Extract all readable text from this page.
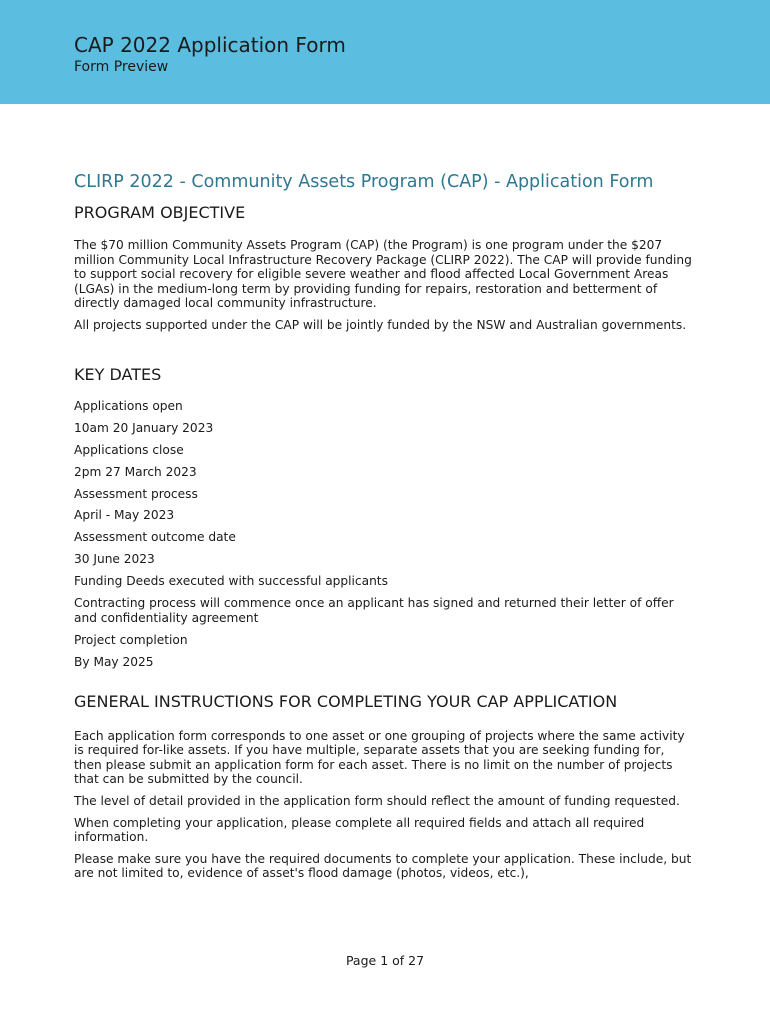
CAP 2022 Application Form
Form Preview
CLIRP 2022 - Community Assets Program (CAP) - Application Form
PROGRAM OBJECTIVE

The $70 million Community Assets Program (CAP) (the Program) is one program under the $207 million Community Local Infrastructure Recovery Package (CLIRP 2022). The CAP will provide funding to support social recovery for eligible severe weather and flood affected Local Government Areas (LGAs) in the medium-long term by providing funding for repairs, restoration and betterment of directly damaged local community infrastructure.

All projects supported under the CAP will be jointly funded by the NSW and Australian governments.

KEY DATES
Applications open
10am 20 January 2023
Applications close
2pm 27 March 2023
Assessment process
April - May 2023
Assessment outcome date
30 June 2023
Funding Deeds executed with successful applicants
Contracting process will commence once an applicant has signed and returned their letter of offer and confidentiality agreement
Project completion
By May 2025
GENERAL INSTRUCTIONS FOR COMPLETING YOUR CAP APPLICATION

Each application form corresponds to one asset or one grouping of projects where the same activity is required for-like assets. If you have multiple, separate assets that you are seeking funding for, then please submit an application form for each asset. There is no limit on the number of projects that can be submitted by the council.

The level of detail provided in the application form should reflect the amount of funding requested.

When completing your application, please complete all required fields and attach all required information.

Please make sure you have the required documents to complete your application. These include, but are not limited to, evidence of asset's flood damage (photos, videos, etc.),

Page 1 of 27
